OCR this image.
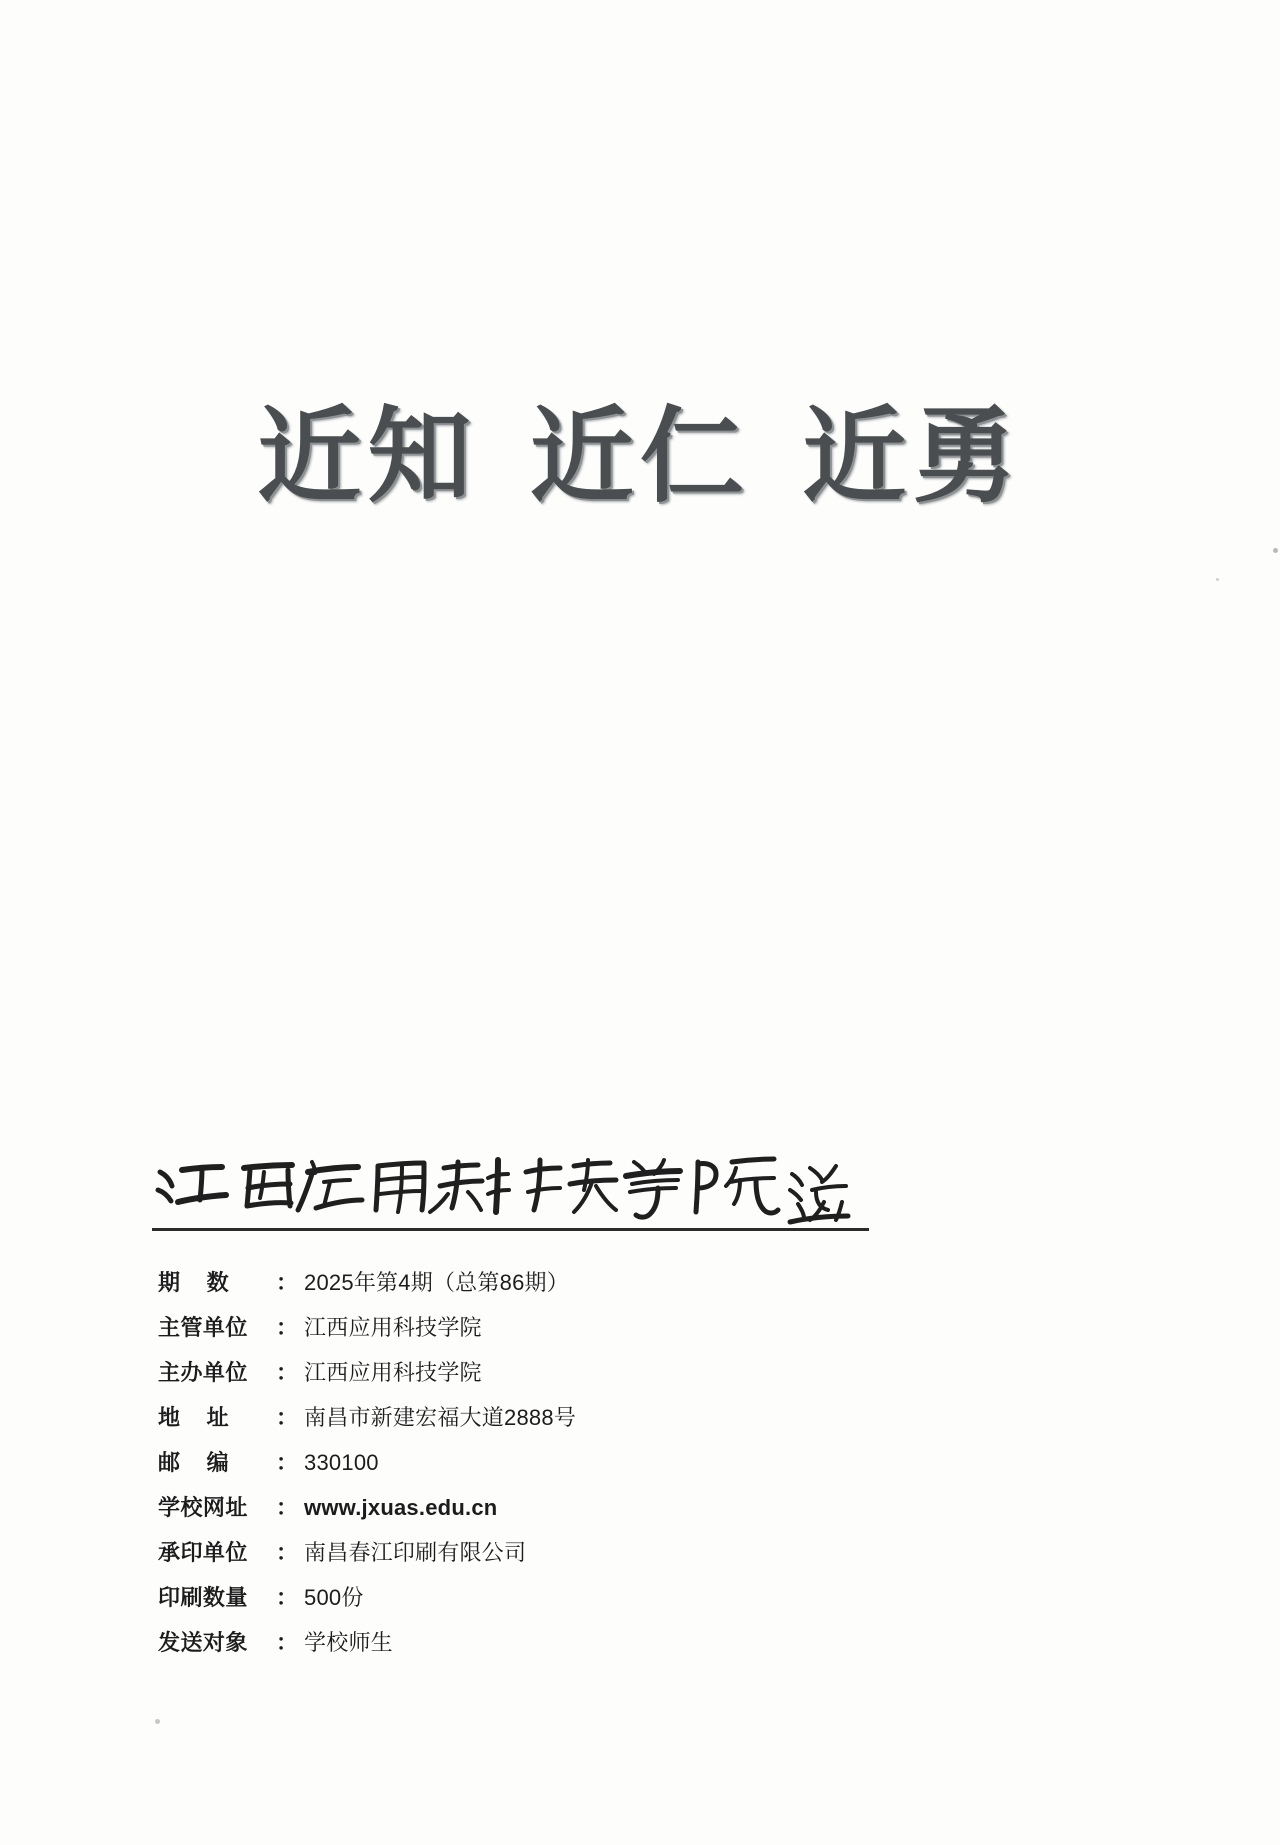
近知 近仁 近勇
期    数	： 2025年第4期（总第86期）
主管单位	： 江西应用科技学院
主办单位	： 江西应用科技学院
地    址	： 南昌市新建宏福大道2888号
邮    编	： 330100
学校网址	： www.jxuas.edu.cn
承印单位	： 南昌春江印刷有限公司
印刷数量	： 500份
发送对象	： 学校师生
